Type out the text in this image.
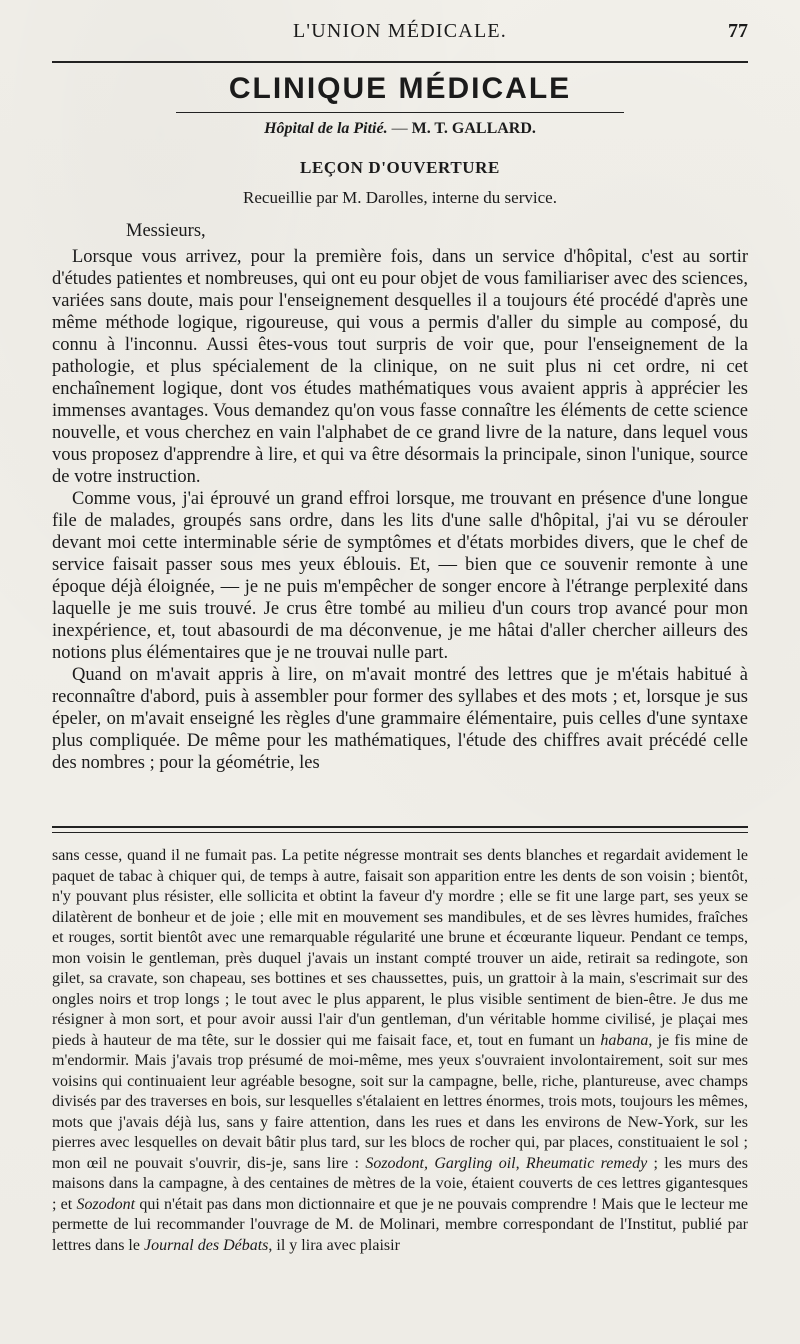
L'UNION MÉDICALE.	77
CLINIQUE MÉDICALE
Hôpital de la Pitié. — M. T. GALLARD.
LEÇON D'OUVERTURE
Recueillie par M. Darolles, interne du service.
Messieurs,

Lorsque vous arrivez, pour la première fois, dans un service d'hôpital, c'est au sortir d'études patientes et nombreuses, qui ont eu pour objet de vous familiariser avec des sciences, variées sans doute, mais pour l'enseignement desquelles il a toujours été procédé d'après une même méthode logique, rigoureuse, qui vous a permis d'aller du simple au composé, du connu à l'inconnu. Aussi êtes-vous tout surpris de voir que, pour l'enseignement de la pathologie, et plus spécialement de la clinique, on ne suit plus ni cet ordre, ni cet enchaînement logique, dont vos études mathématiques vous avaient appris à apprécier les immenses avantages. Vous demandez qu'on vous fasse connaître les éléments de cette science nouvelle, et vous cherchez en vain l'alphabet de ce grand livre de la nature, dans lequel vous vous proposez d'apprendre à lire, et qui va être désormais la principale, sinon l'unique, source de votre instruction.

Comme vous, j'ai éprouvé un grand effroi lorsque, me trouvant en présence d'une longue file de malades, groupés sans ordre, dans les lits d'une salle d'hôpital, j'ai vu se dérouler devant moi cette interminable série de symptômes et d'états morbides divers, que le chef de service faisait passer sous mes yeux éblouis. Et, — bien que ce souvenir remonte à une époque déjà éloignée, — je ne puis m'empêcher de songer encore à l'étrange perplexité dans laquelle je me suis trouvé. Je crus être tombé au milieu d'un cours trop avancé pour mon inexpérience, et, tout abasourdi de ma déconvenue, je me hâtai d'aller chercher ailleurs des notions plus élémentaires que je ne trouvai nulle part.

Quand on m'avait appris à lire, on m'avait montré des lettres que je m'étais habitué à reconnaître d'abord, puis à assembler pour former des syllabes et des mots ; et, lorsque je sus épeler, on m'avait enseigné les règles d'une grammaire élémentaire, puis celles d'une syntaxe plus compliquée. De même pour les mathématiques, l'étude des chiffres avait précédé celle des nombres ; pour la géométrie, les

sans cesse, quand il ne fumait pas. La petite négresse montrait ses dents blanches et regardait avidement le paquet de tabac à chiquer qui, de temps à autre, faisait son apparition entre les dents de son voisin ; bientôt, n'y pouvant plus résister, elle sollicita et obtint la faveur d'y mordre ; elle se fit une large part, ses yeux se dilatèrent de bonheur et de joie ; elle mit en mouvement ses mandibules, et de ses lèvres humides, fraîches et rouges, sortit bientôt avec une remarquable régularité une brune et écœurante liqueur. Pendant ce temps, mon voisin le gentleman, près duquel j'avais un instant compté trouver un aide, retirait sa redingote, son gilet, sa cravate, son chapeau, ses bottines et ses chaussettes, puis, un grattoir à la main, s'escrimait sur des ongles noirs et trop longs ; le tout avec le plus apparent, le plus visible sentiment de bien-être. Je dus me résigner à mon sort, et pour avoir aussi l'air d'un gentleman, d'un véritable homme civilisé, je plaçai mes pieds à hauteur de ma tête, sur le dossier qui me faisait face, et, tout en fumant un habana, je fis mine de m'endormir. Mais j'avais trop présumé de moi-même, mes yeux s'ouvraient involontairement, soit sur mes voisins qui continuaient leur agréable besogne, soit sur la campagne, belle, riche, plantureuse, avec champs divisés par des traverses en bois, sur lesquelles s'étalaient en lettres énormes, trois mots, toujours les mêmes, mots que j'avais déjà lus, sans y faire attention, dans les rues et dans les environs de New-York, sur les pierres avec lesquelles on devait bâtir plus tard, sur les blocs de rocher qui, par places, constituaient le sol ; mon œil ne pouvait s'ouvrir, dis-je, sans lire : Sozodont, Gargling oil, Rheumatic remedy ; les murs des maisons dans la campagne, à des centaines de mètres de la voie, étaient couverts de ces lettres gigantesques ; et Sozodont qui n'était pas dans mon dictionnaire et que je ne pouvais comprendre ! Mais que le lecteur me permette de lui recommander l'ouvrage de M. de Molinari, membre correspondant de l'Institut, publié par lettres dans le Journal des Débats, il y lira avec plaisir
